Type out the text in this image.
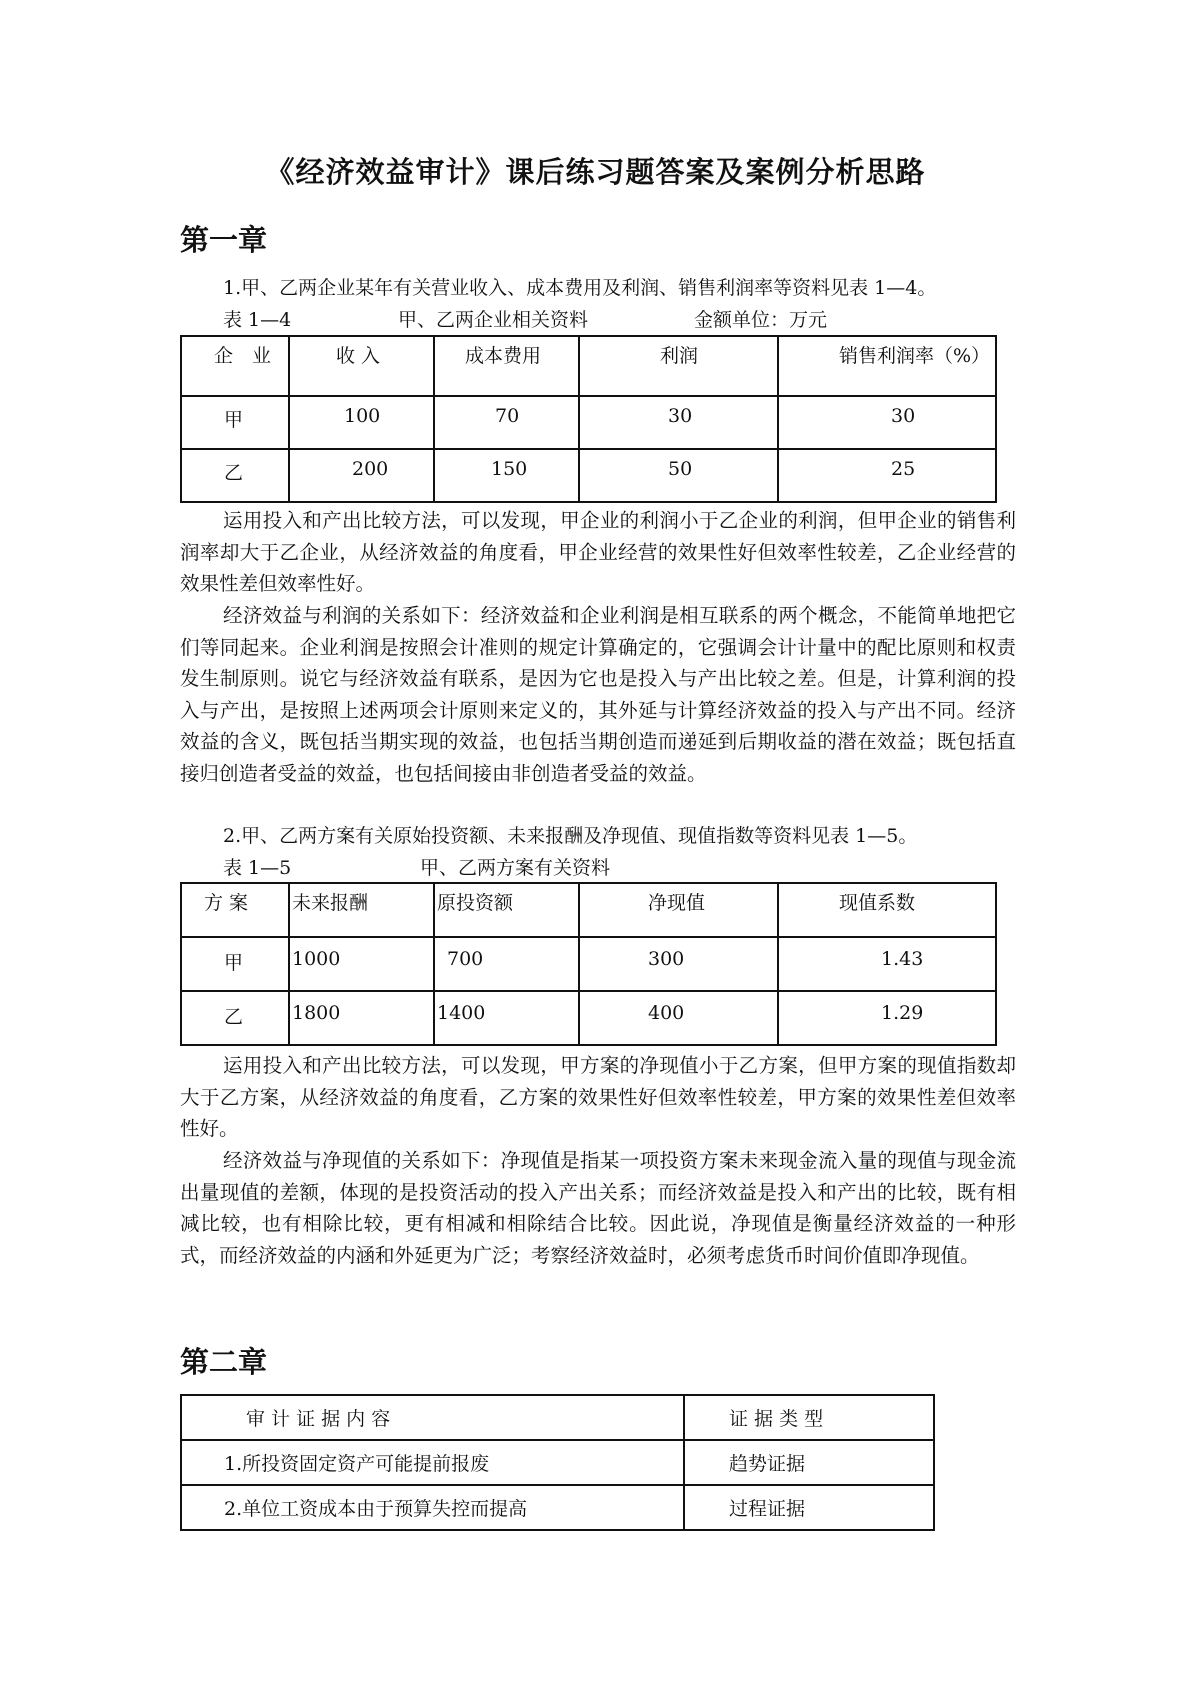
《经济效益审计》课后练习题答案及案例分析思路
第一章
1.甲、乙两企业某年有关营业收入、成本费用及利润、销售利润率等资料见表 1—4。
表 1—4	甲、乙两企业相关资料	金额单位：万元
企　业	收 入	成本费用	利润	销售利润率（%）

甲	100	70	30	30

乙	200	150	50	25
运用投入和产出比较方法，可以发现，甲企业的利润小于乙企业的利润，但甲企业的销售利润率却大于乙企业，从经济效益的角度看，甲企业经营的效果性好但效率性较差，乙企业经营的效果性差但效率性好。
经济效益与利润的关系如下：经济效益和企业利润是相互联系的两个概念，不能简单地把它们等同起来。企业利润是按照会计准则的规定计算确定的，它强调会计计量中的配比原则和权责发生制原则。说它与经济效益有联系，是因为它也是投入与产出比较之差。但是，计算利润的投入与产出，是按照上述两项会计原则来定义的，其外延与计算经济效益的投入与产出不同。经济效益的含义，既包括当期实现的效益，也包括当期创造而递延到后期收益的潜在效益；既包括直接归创造者受益的效益，也包括间接由非创造者受益的效益。
2.甲、乙两方案有关原始投资额、未来报酬及净现值、现值指数等资料见表 1—5。
表 1—5	甲、乙两方案有关资料
方 案	未来报酬	原投资额	净现值	现值系数

甲	1000	700	300	1.43

乙	1800	1400	400	1.29
运用投入和产出比较方法，可以发现，甲方案的净现值小于乙方案，但甲方案的现值指数却大于乙方案，从经济效益的角度看，乙方案的效果性好但效率性较差，甲方案的效果性差但效率性好。
经济效益与净现值的关系如下：净现值是指某一项投资方案未来现金流入量的现值与现金流出量现值的差额，体现的是投资活动的投入产出关系；而经济效益是投入和产出的比较，既有相减比较，也有相除比较，更有相减和相除结合比较。因此说，净现值是衡量经济效益的一种形式，而经济效益的内涵和外延更为广泛；考察经济效益时，必须考虑货币时间价值即净现值。
第二章
审 计 证 据 内 容	证 据 类 型

1.所投资固定资产可能提前报废	趋势证据

2.单位工资成本由于预算失控而提高	过程证据
